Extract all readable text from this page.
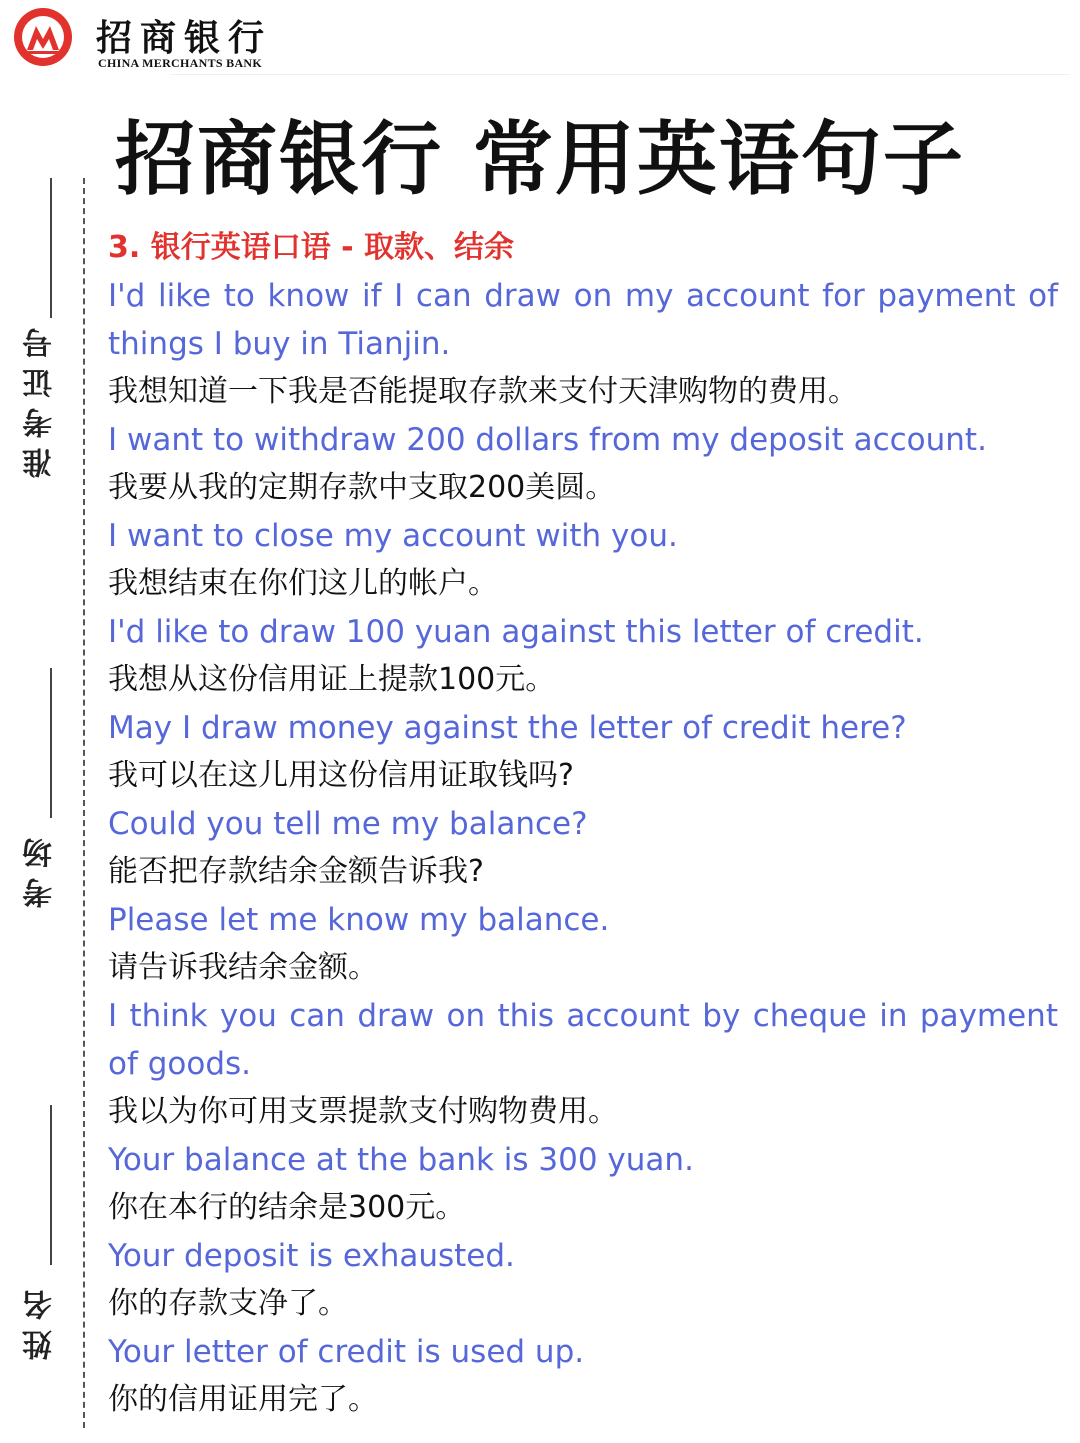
招商银行
CHINA MERCHANTS BANK
招商银行 常用英语句子
准考证号
考场
姓名

3. 银行英语口语 - 取款、结余

I'd like to know if I can draw on my account for payment of things I buy in Tianjin.

我想知道一下我是否能提取存款来支付天津购物的费用。

I want to withdraw 200 dollars from my deposit account.

我要从我的定期存款中支取200美圆。

I want to close my account with you.

我想结束在你们这儿的帐户。

I'd like to draw 100 yuan against this letter of credit.

我想从这份信用证上提款100元。

May I draw money against the letter of credit here?

我可以在这儿用这份信用证取钱吗?

Could you tell me my balance?

能否把存款结余金额告诉我?

Please let me know my balance.

请告诉我结余金额。

I think you can draw on this account by cheque in payment of goods.

我以为你可用支票提款支付购物费用。

Your balance at the bank is 300 yuan.

你在本行的结余是300元。

Your deposit is exhausted.

你的存款支净了。

Your letter of credit is used up.

你的信用证用完了。
